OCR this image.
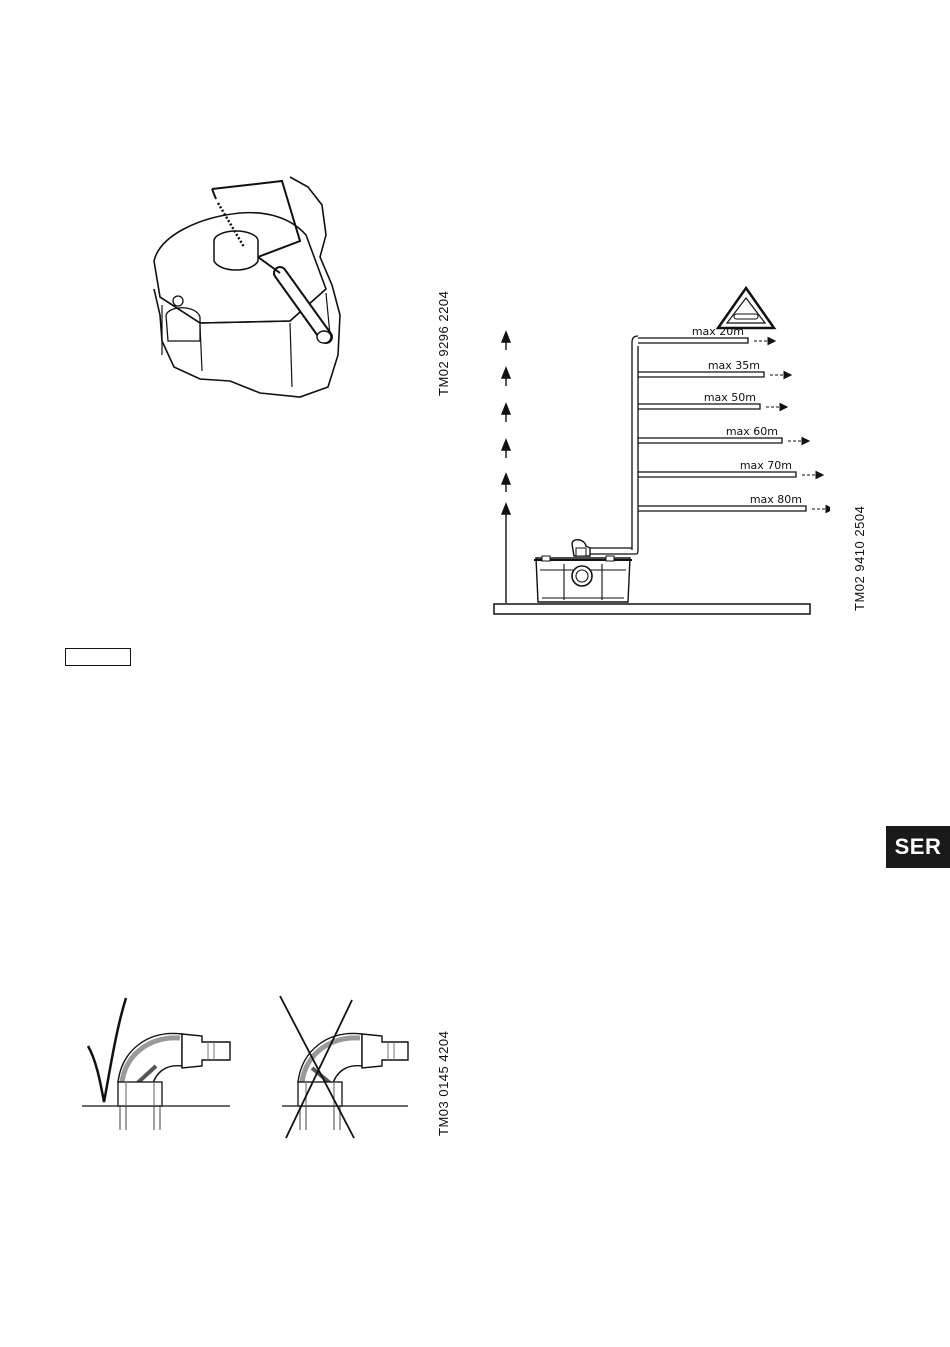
TM02 9296 2204	max 20m
max 35m
max 50m
max 60m
max 70m
max 80m
TM02 9410 2504
TM03 0145 4204
SER
